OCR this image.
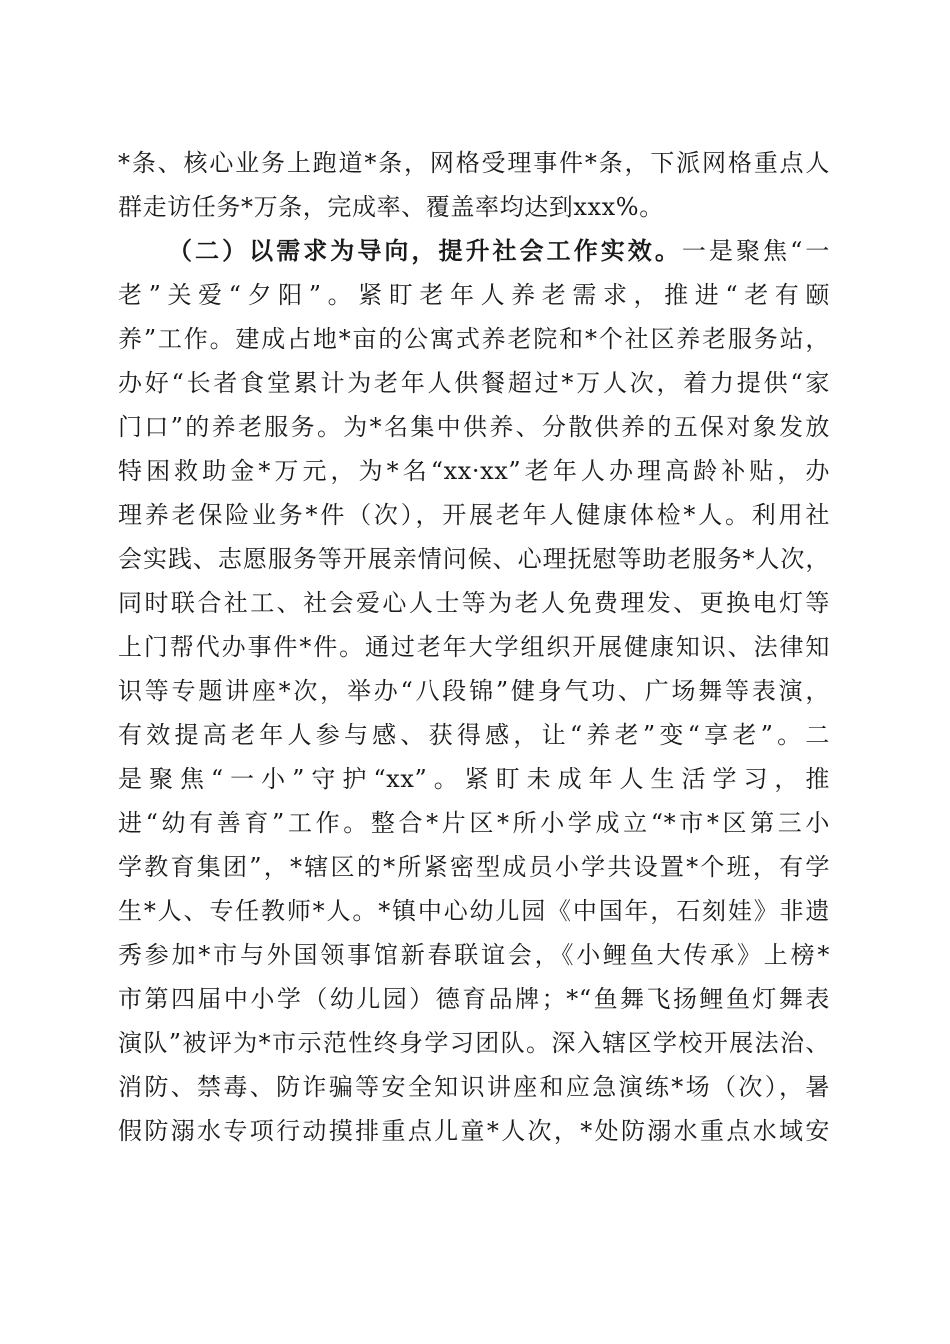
*条、核心业务上跑道*条，网格受理事件*条，下派网格重点人
群走访任务*万条，完成率、覆盖率均达到xxx%。
（二）以需求为导向，提升社会工作实效。一是聚焦“一
老”关爱“夕阳”。紧盯老年人养老需求，推进“老有颐
养”工作。建成占地*亩的公寓式养老院和*个社区养老服务站，
办好“长者食堂累计为老年人供餐超过*万人次，着力提供“家
门口”的养老服务。为*名集中供养、分散供养的五保对象发放
特困救助金*万元，为*名“xx·xx”老年人办理高龄补贴，办
理养老保险业务*件（次），开展老年人健康体检*人。利用社
会实践、志愿服务等开展亲情问候、心理抚慰等助老服务*人次，
同时联合社工、社会爱心人士等为老人免费理发、更换电灯等
上门帮代办事件*件。通过老年大学组织开展健康知识、法律知
识等专题讲座*次，举办“八段锦”健身气功、广场舞等表演，
有效提高老年人参与感、获得感，让“养老”变“享老”。二
是聚焦“一小”守护“xx”。紧盯未成年人生活学习，推
进“幼有善育”工作。整合*片区*所小学成立“*市*区第三小
学教育集团”，*辖区的*所紧密型成员小学共设置*个班，有学
生*人、专任教师*人。*镇中心幼儿园《中国年，石刻娃》非遗
秀参加*市与外国领事馆新春联谊会，《小鲤鱼大传承》上榜*
市第四届中小学（幼儿园）德育品牌；*“鱼舞飞扬鲤鱼灯舞表
演队”被评为*市示范性终身学习团队。深入辖区学校开展法治、
消防、禁毒、防诈骗等安全知识讲座和应急演练*场（次），暑
假防溺水专项行动摸排重点儿童*人次，*处防溺水重点水域安
